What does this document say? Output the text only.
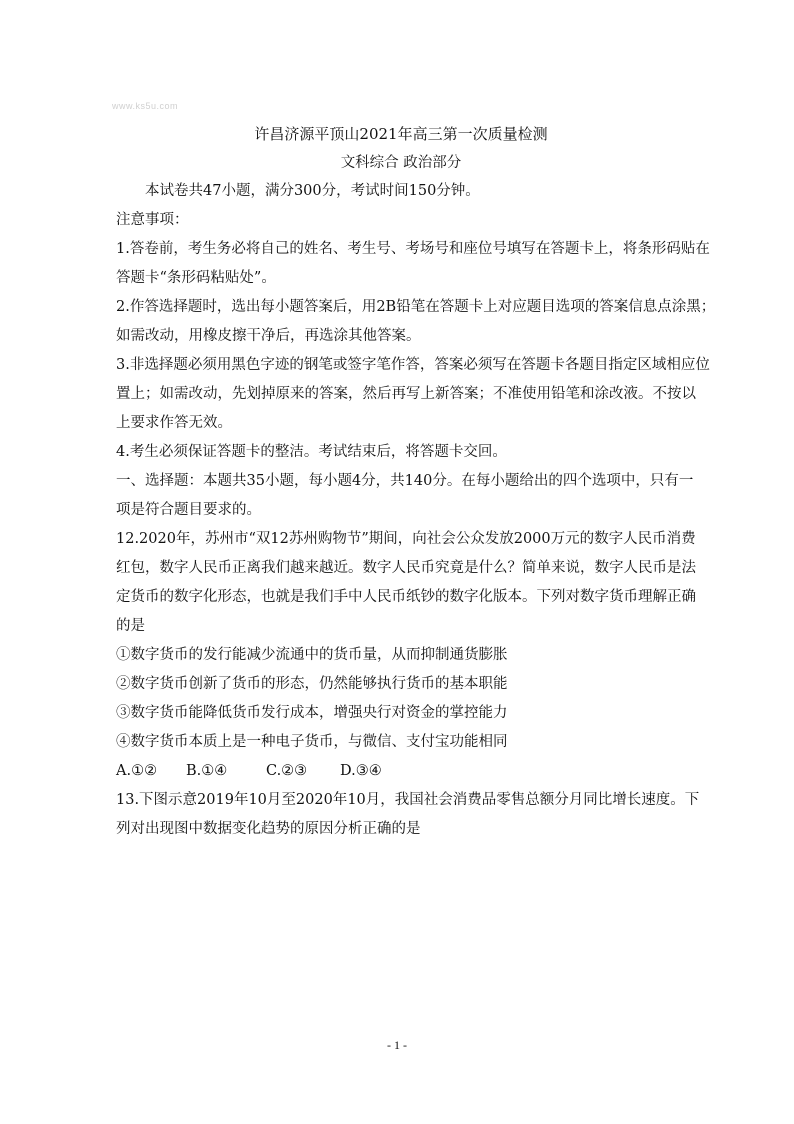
www.ks5u.com
许昌济源平顶山2021年高三第一次质量检测
文科综合 政治部分
本试卷共47小题，满分300分，考试时间150分钟。
注意事项：
1.答卷前，考生务必将自己的姓名、考生号、考场号和座位号填写在答题卡上，将条形码贴在
答题卡“条形码粘贴处”。
2.作答选择题时，选出每小题答案后，用2B铅笔在答题卡上对应题目选项的答案信息点涂黑；
如需改动，用橡皮擦干净后，再选涂其他答案。
3.非选择题必须用黑色字迹的钢笔或签字笔作答，答案必须写在答题卡各题目指定区域相应位
置上；如需改动，先划掉原来的答案，然后再写上新答案；不准使用铅笔和涂改液。不按以
上要求作答无效。
4.考生必须保证答题卡的整洁。考试结束后，将答题卡交回。
一、选择题：本题共35小题，每小题4分，共140分。在每小题给出的四个选项中，只有一
项是符合题目要求的。
12.2020年，苏州市“双12苏州购物节”期间，向社会公众发放2000万元的数字人民币消费
红包，数字人民币正离我们越来越近。数字人民币究竟是什么？简单来说，数字人民币是法
定货币的数字化形态，也就是我们手中人民币纸钞的数字化版本。下列对数字货币理解正确
的是
①数字货币的发行能减少流通中的货币量，从而抑制通货膨胀
②数字货币创新了货币的形态，仍然能够执行货币的基本职能
③数字货币能降低货币发行成本，增强央行对资金的掌控能力
④数字货币本质上是一种电子货币，与微信、支付宝功能相同
A.①② B.①④	C.②③ D.③④
13.下图示意2019年10月至2020年10月，我国社会消费品零售总额分月同比增长速度。下
列对出现图中数据变化趋势的原因分析正确的是
- 1 -
